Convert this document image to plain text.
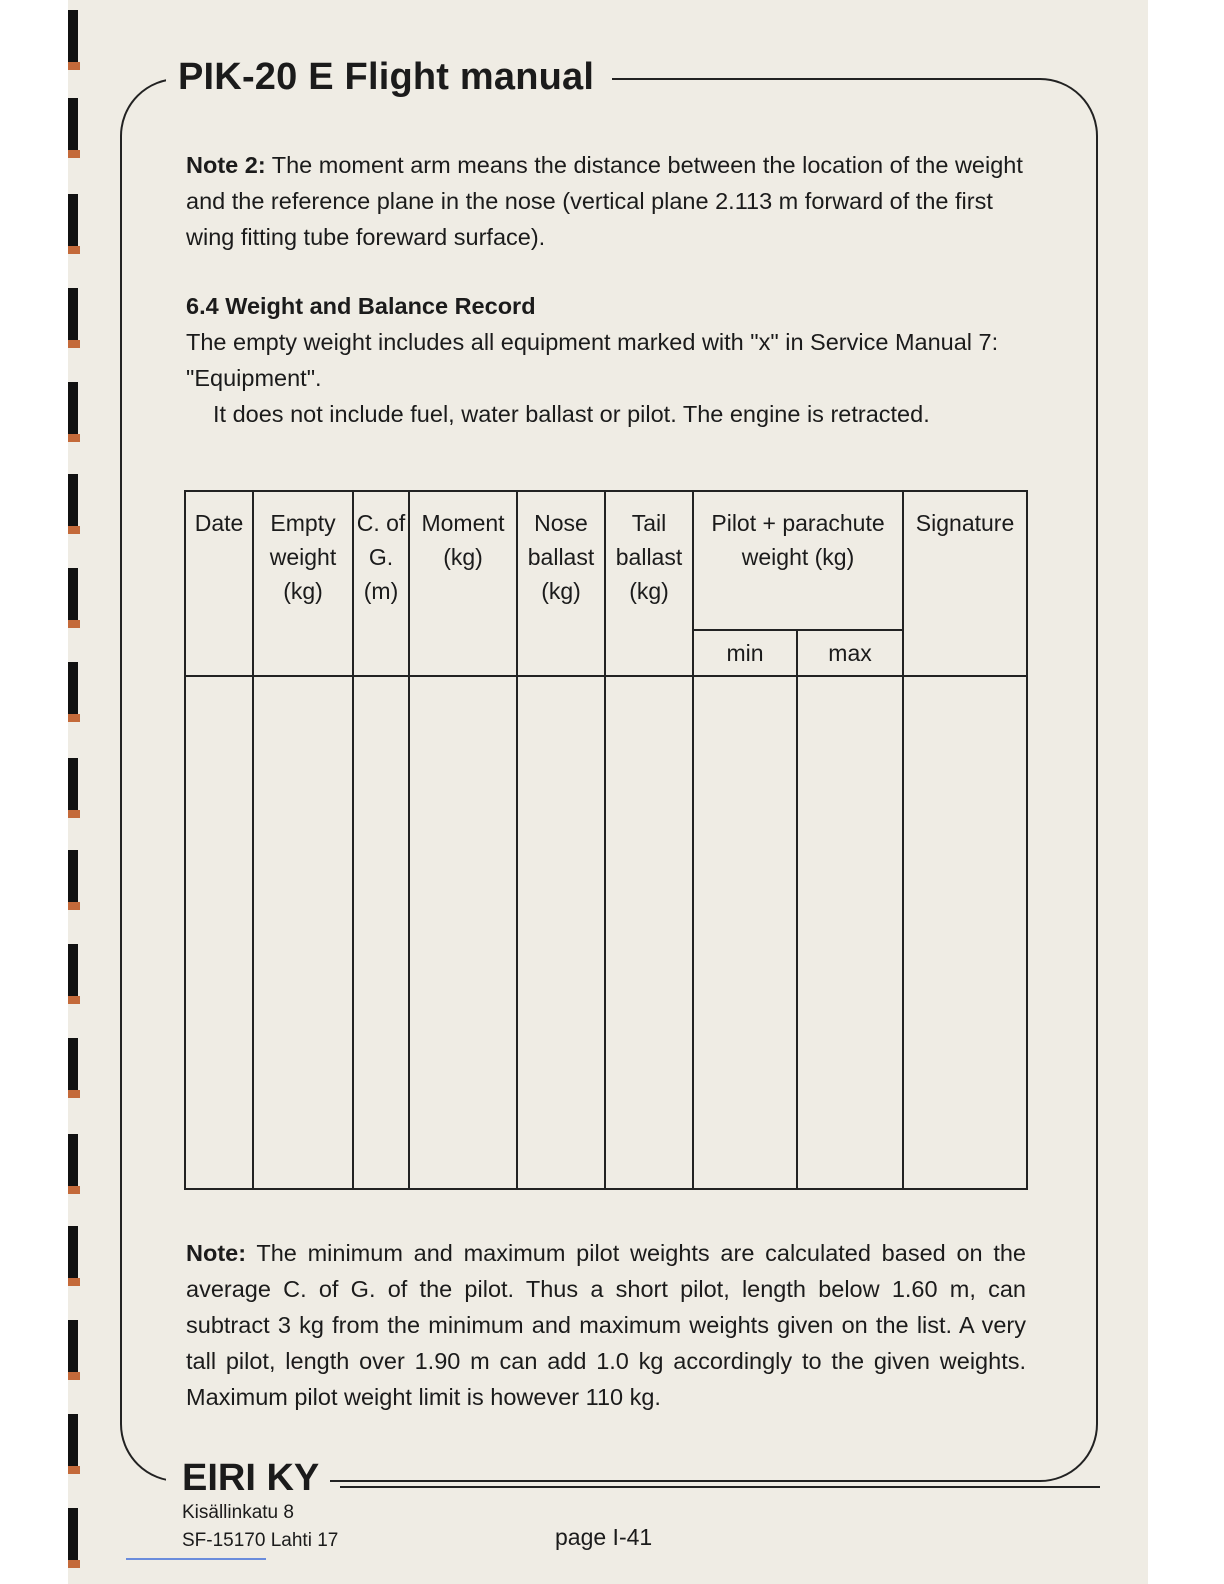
PIK-20 E Flight manual

Note 2: The moment arm means the distance between the location of the weight and the reference plane in the nose (vertical plane 2.113 m forward of the first wing fitting tube foreward surface).

6.4 Weight and Balance Record

The empty weight includes all equipment marked with "x" in Service Manual 7: "Equipment".

It does not include fuel, water ballast or pilot. The engine is retracted.

Date	Empty weight (kg)	C. of G. (m)	Moment (kg)	Nose ballast (kg)	Tail ballast (kg)	Pilot + parachute weight (kg)		Signature

						min	max	

Note: The minimum and maximum pilot weights are calculated based on the average C. of G. of the pilot. Thus a short pilot, length below 1.60 m, can subtract 3 kg from the minimum and maximum weights given on the list. A very tall pilot, length over 1.90 m can add 1.0 kg accordingly to the given weights. Maximum pilot weight limit is however 110 kg.

EIRI KY
Kisällinkatu 8
SF-15170 Lahti 17	page I-41
